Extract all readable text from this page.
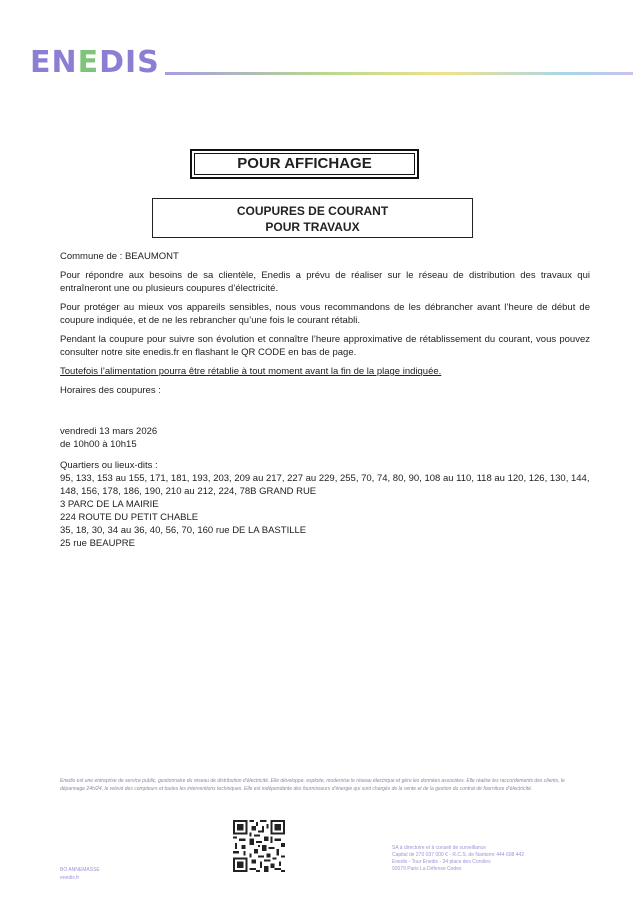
ENEDIS
POUR AFFICHAGE
COUPURES DE COURANT
POUR TRAVAUX

Commune de : BEAUMONT

Pour répondre aux besoins de sa clientèle, Enedis a prévu de réaliser sur le réseau de distribution des travaux qui entraîneront une ou plusieurs coupures d’électricité.

Pour protéger au mieux vos appareils sensibles, nous vous recommandons de les débrancher avant l’heure de début de coupure indiquée, et de ne les rebrancher qu’une fois le courant rétabli.

Pendant la coupure pour suivre son évolution et connaître l’heure approximative de rétablissement du courant, vous pouvez consulter notre site enedis.fr en flashant le QR CODE en bas de page.

Toutefois l’alimentation pourra être rétablie à tout moment avant la fin de la plage indiquée.

Horaires des coupures :

vendredi 13 mars 2026
de 10h00 à 10h15
Quartiers ou lieux-dits :
95, 133, 153 au 155, 171, 181, 193, 203, 209 au 217, 227 au 229, 255, 70, 74, 80, 90, 108 au 110, 118 au 120, 126, 130, 144, 148, 156, 178, 186, 190, 210 au 212, 224, 78B GRAND RUE
3 PARC DE LA MAIRIE
224 ROUTE DU PETIT CHABLE
35, 18, 30, 34 au 36, 40, 56, 70, 160 rue DE LA BASTILLE
25 rue BEAUPRE
Enedis est une entreprise de service public, gestionnaire du réseau de distribution d’électricité. Elle développe, exploite, modernise le réseau électrique et gère les données associées. Elle réalise les raccordements des clients, le dépannage 24h/24, le relevé des compteurs et toutes les interventions techniques. Elle est indépendante des fournisseurs d’énergie qui sont chargés de la vente et de la gestion du contrat de fourniture d’électricité.
BO ANNEMASSE
enedis.fr
SA à directoire et à conseil de surveillance
Capital de 270 037 000 € - R.C.S. de Nanterre 444 608 442
Enedis - Tour Enedis - 34 place des Corolles
92079 Paris La Défense Cedex
